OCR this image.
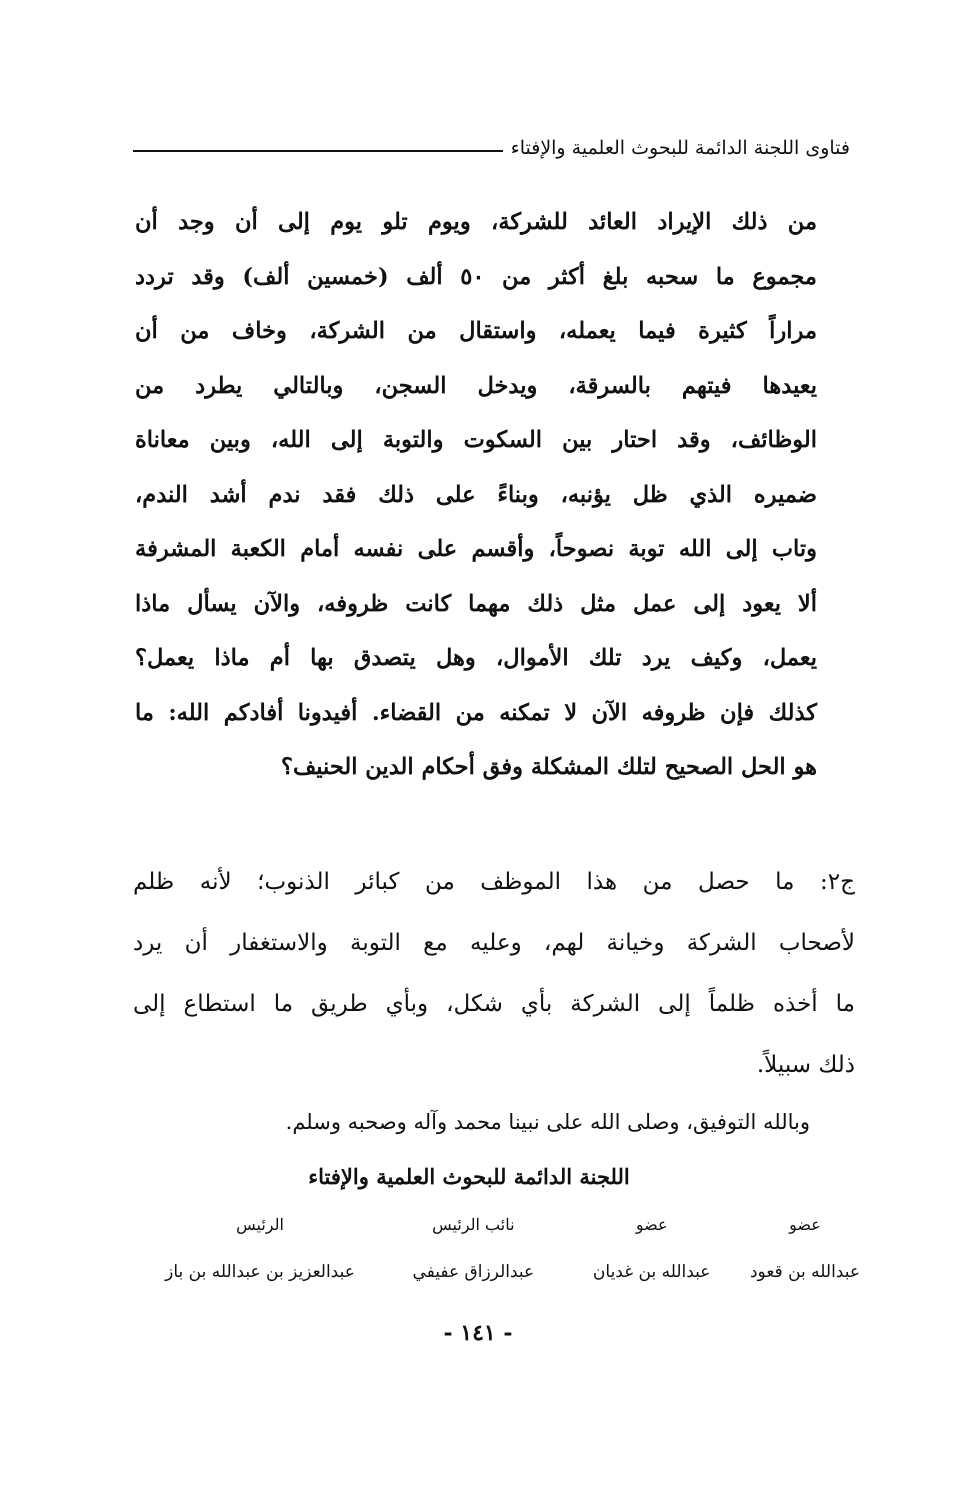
فتاوى اللجنة الدائمة للبحوث العلمية والإفتاء
من ذلك الإيراد العائد للشركة، ويوم تلو يوم إلى أن وجد أن
مجموع ما سحبه بلغ أكثر من ٥٠ ألف (خمسين ألف) وقد تردد
مراراً كثيرة فيما يعمله، واستقال من الشركة، وخاف من أن
يعيدها فيتهم بالسرقة، ويدخل السجن، وبالتالي يطرد من
الوظائف، وقد احتار بين السكوت والتوبة إلى الله، وبين معاناة
ضميره الذي ظل يؤنبه، وبناءً على ذلك فقد ندم أشد الندم،
وتاب إلى الله توبة نصوحاً، وأقسم على نفسه أمام الكعبة المشرفة
ألا يعود إلى عمل مثل ذلك مهما كانت ظروفه، والآن يسأل ماذا
يعمل، وكيف يرد تلك الأموال، وهل يتصدق بها أم ماذا يعمل؟
كذلك فإن ظروفه الآن لا تمكنه من القضاء. أفيدونا أفادكم الله: ما
هو الحل الصحيح لتلك المشكلة وفق أحكام الدين الحنيف؟
ج٢: ما حصل من هذا الموظف من كبائر الذنوب؛ لأنه ظلم
لأصحاب الشركة وخيانة لهم، وعليه مع التوبة والاستغفار أن يرد
ما أخذه ظلماً إلى الشركة بأي شكل، وبأي طريق ما استطاع إلى
ذلك سبيلاً.
وبالله التوفيق، وصلى الله على نبينا محمد وآله وصحبه وسلم.
اللجنة الدائمة للبحوث العلمية والإفتاء
عضو
عضو
نائب الرئيس
الرئيس
عبدالله بن قعود
عبدالله بن غديان
عبدالرزاق عفيفي
عبدالعزيز بن عبدالله بن باز
- ١٤١ -
